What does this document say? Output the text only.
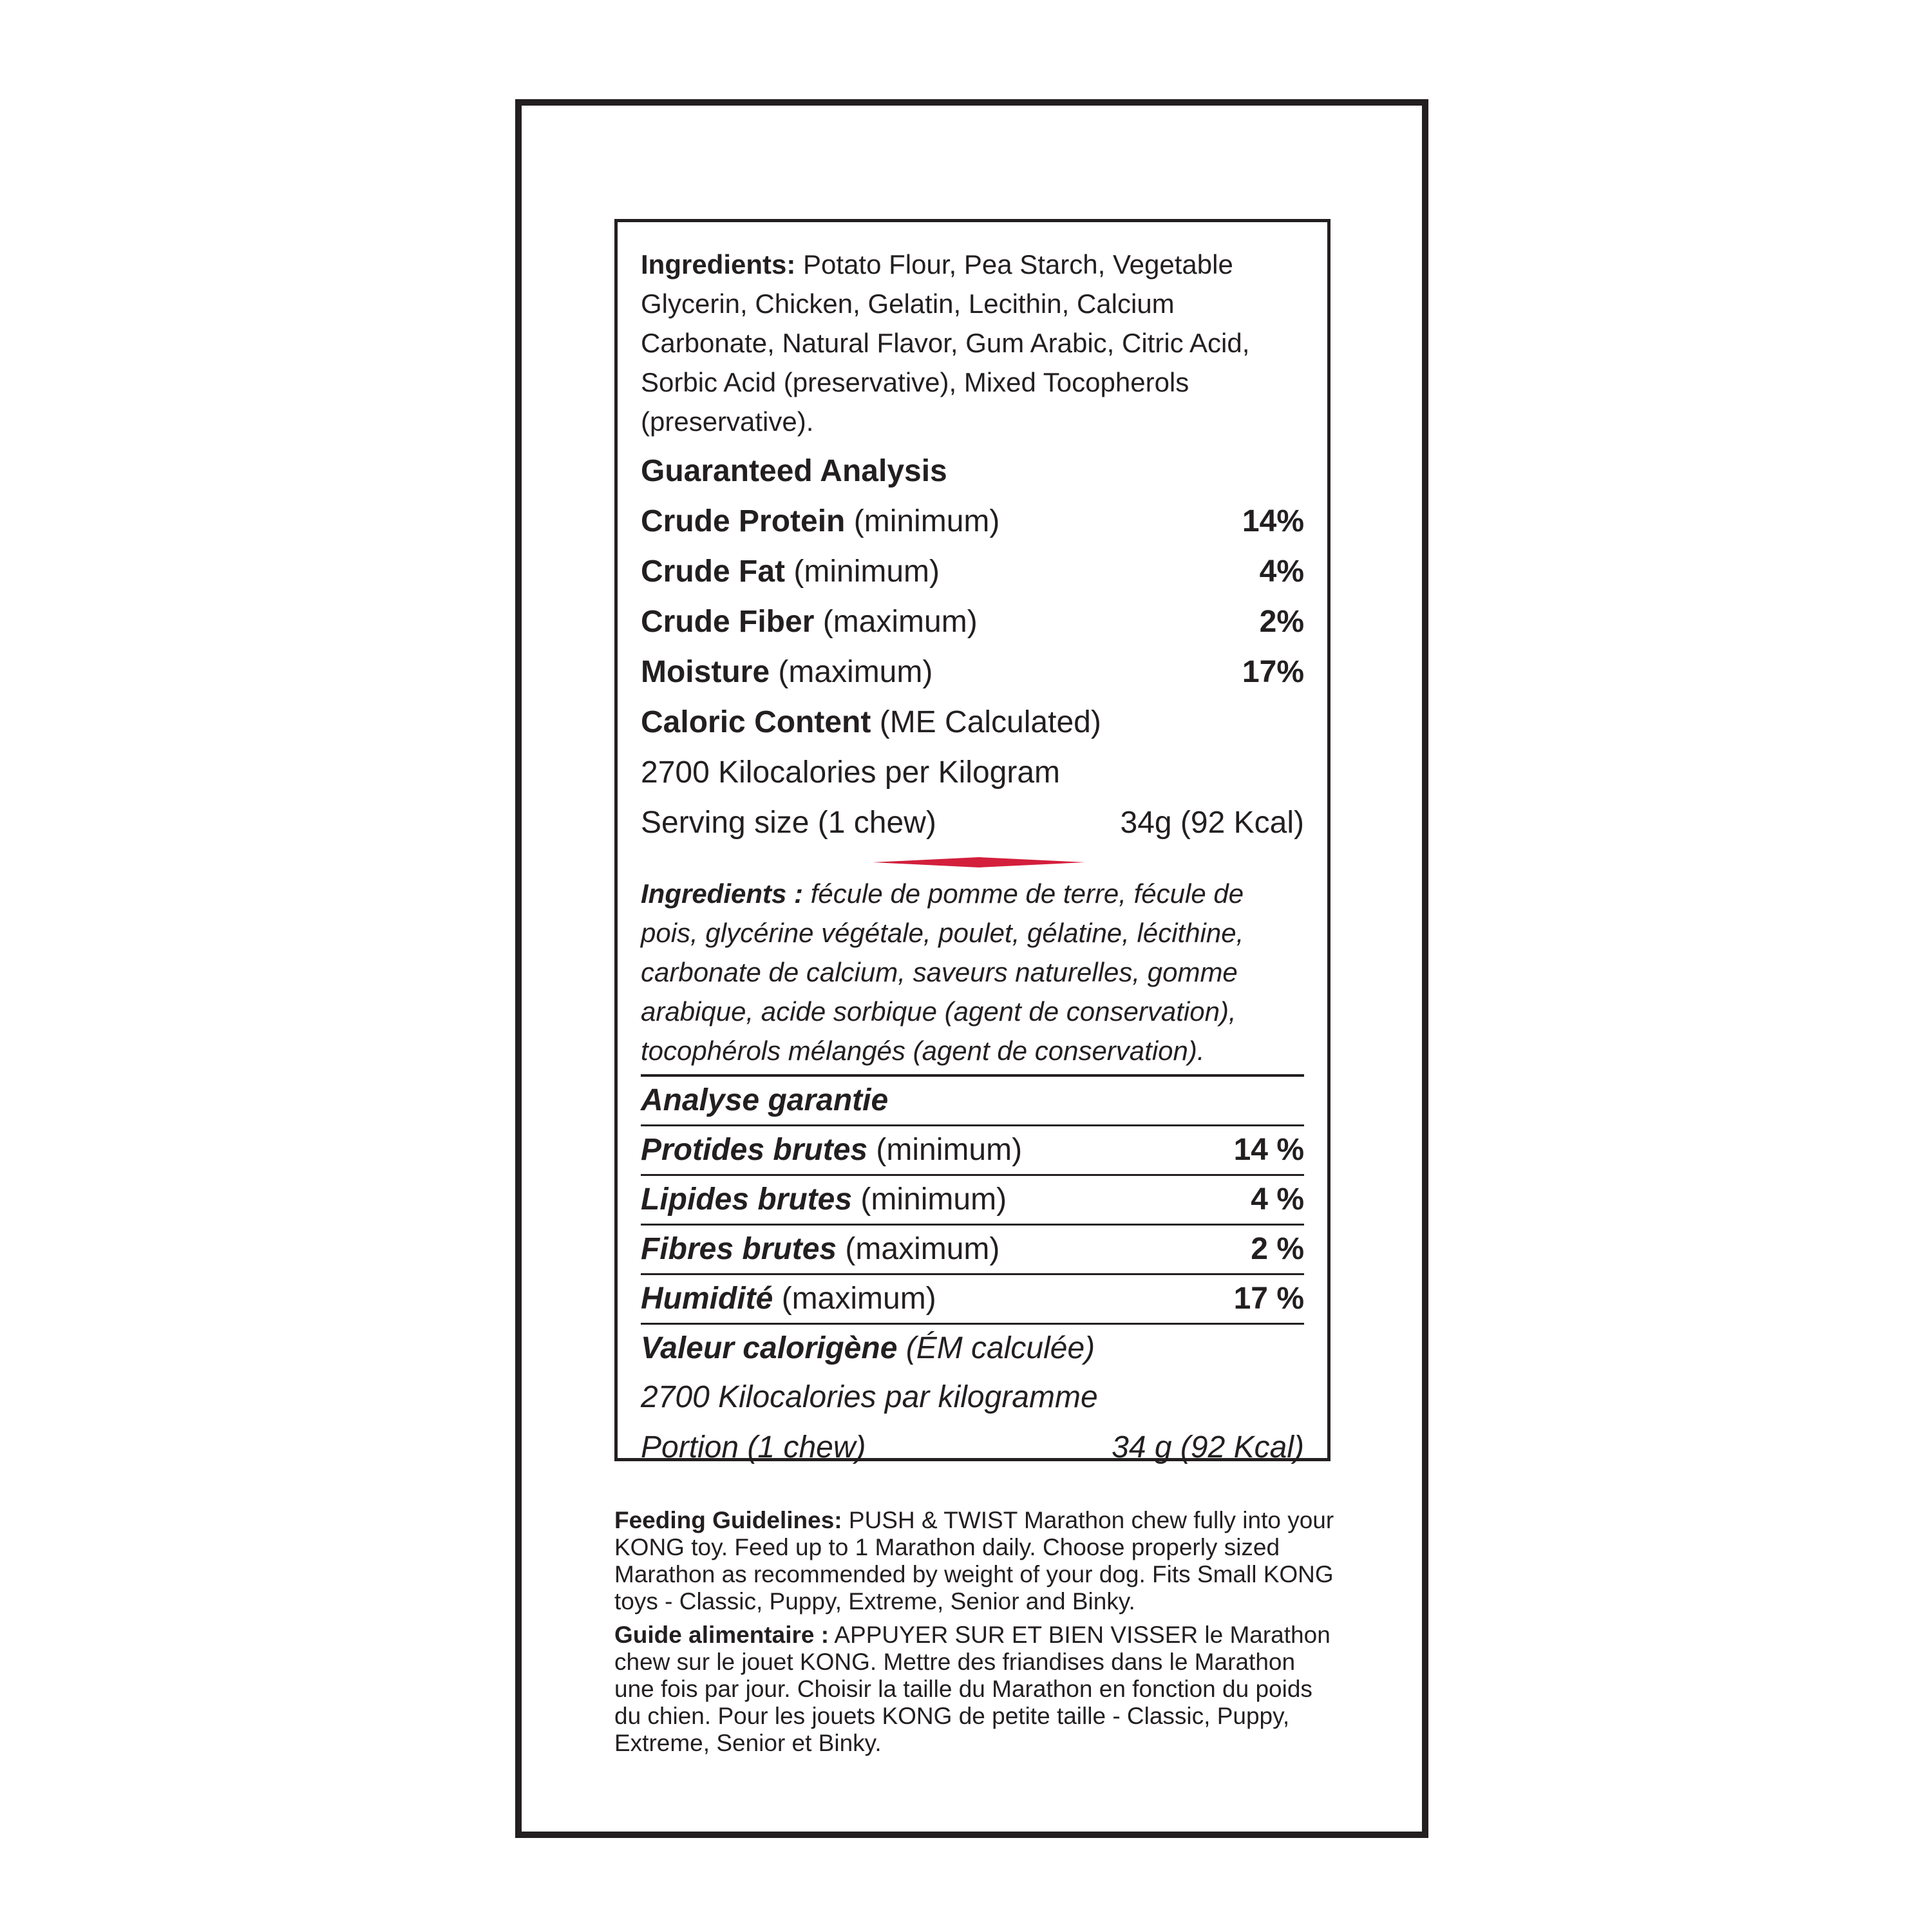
Ingredients: Potato Flour, Pea Starch, Vegetable Glycerin, Chicken, Gelatin, Lecithin, Calcium Carbonate, Natural Flavor, Gum Arabic, Citric Acid, Sorbic Acid (preservative), Mixed Tocopherols (preservative).

Guaranteed Analysis
Crude Protein (minimum)	14%
Crude Fat (minimum)	4%
Crude Fiber (maximum)	2%
Moisture (maximum)	17%
Caloric Content (ME Calculated)
2700 Kilocalories per Kilogram
Serving size (1 chew)	34g (92 Kcal)

Ingredients : fécule de pomme de terre, fécule de pois, glycérine végétale, poulet, gélatine, lécithine, carbonate de calcium, saveurs naturelles, gomme arabique, acide sorbique (agent de conservation), tocophérols mélangés (agent de conservation).

Analyse garantie
Protides brutes (minimum)	14 %
Lipides brutes (minimum)	4 %
Fibres brutes (maximum)	2 %
Humidité (maximum)	17 %
Valeur calorigène (ÉM calculée)
2700 Kilocalories par kilogramme
Portion (1 chew)	34 g (92 Kcal)

Feeding Guidelines: PUSH & TWIST Marathon chew fully into your KONG toy. Feed up to 1 Marathon daily. Choose properly sized Marathon as recommended by weight of your dog. Fits Small KONG toys - Classic, Puppy, Extreme, Senior and Binky.

Guide alimentaire : APPUYER SUR ET BIEN VISSER le Marathon chew sur le jouet KONG. Mettre des friandises dans le Marathon une fois par jour. Choisir la taille du Marathon en fonction du poids du chien. Pour les jouets KONG de petite taille - Classic, Puppy, Extreme, Senior et Binky.
